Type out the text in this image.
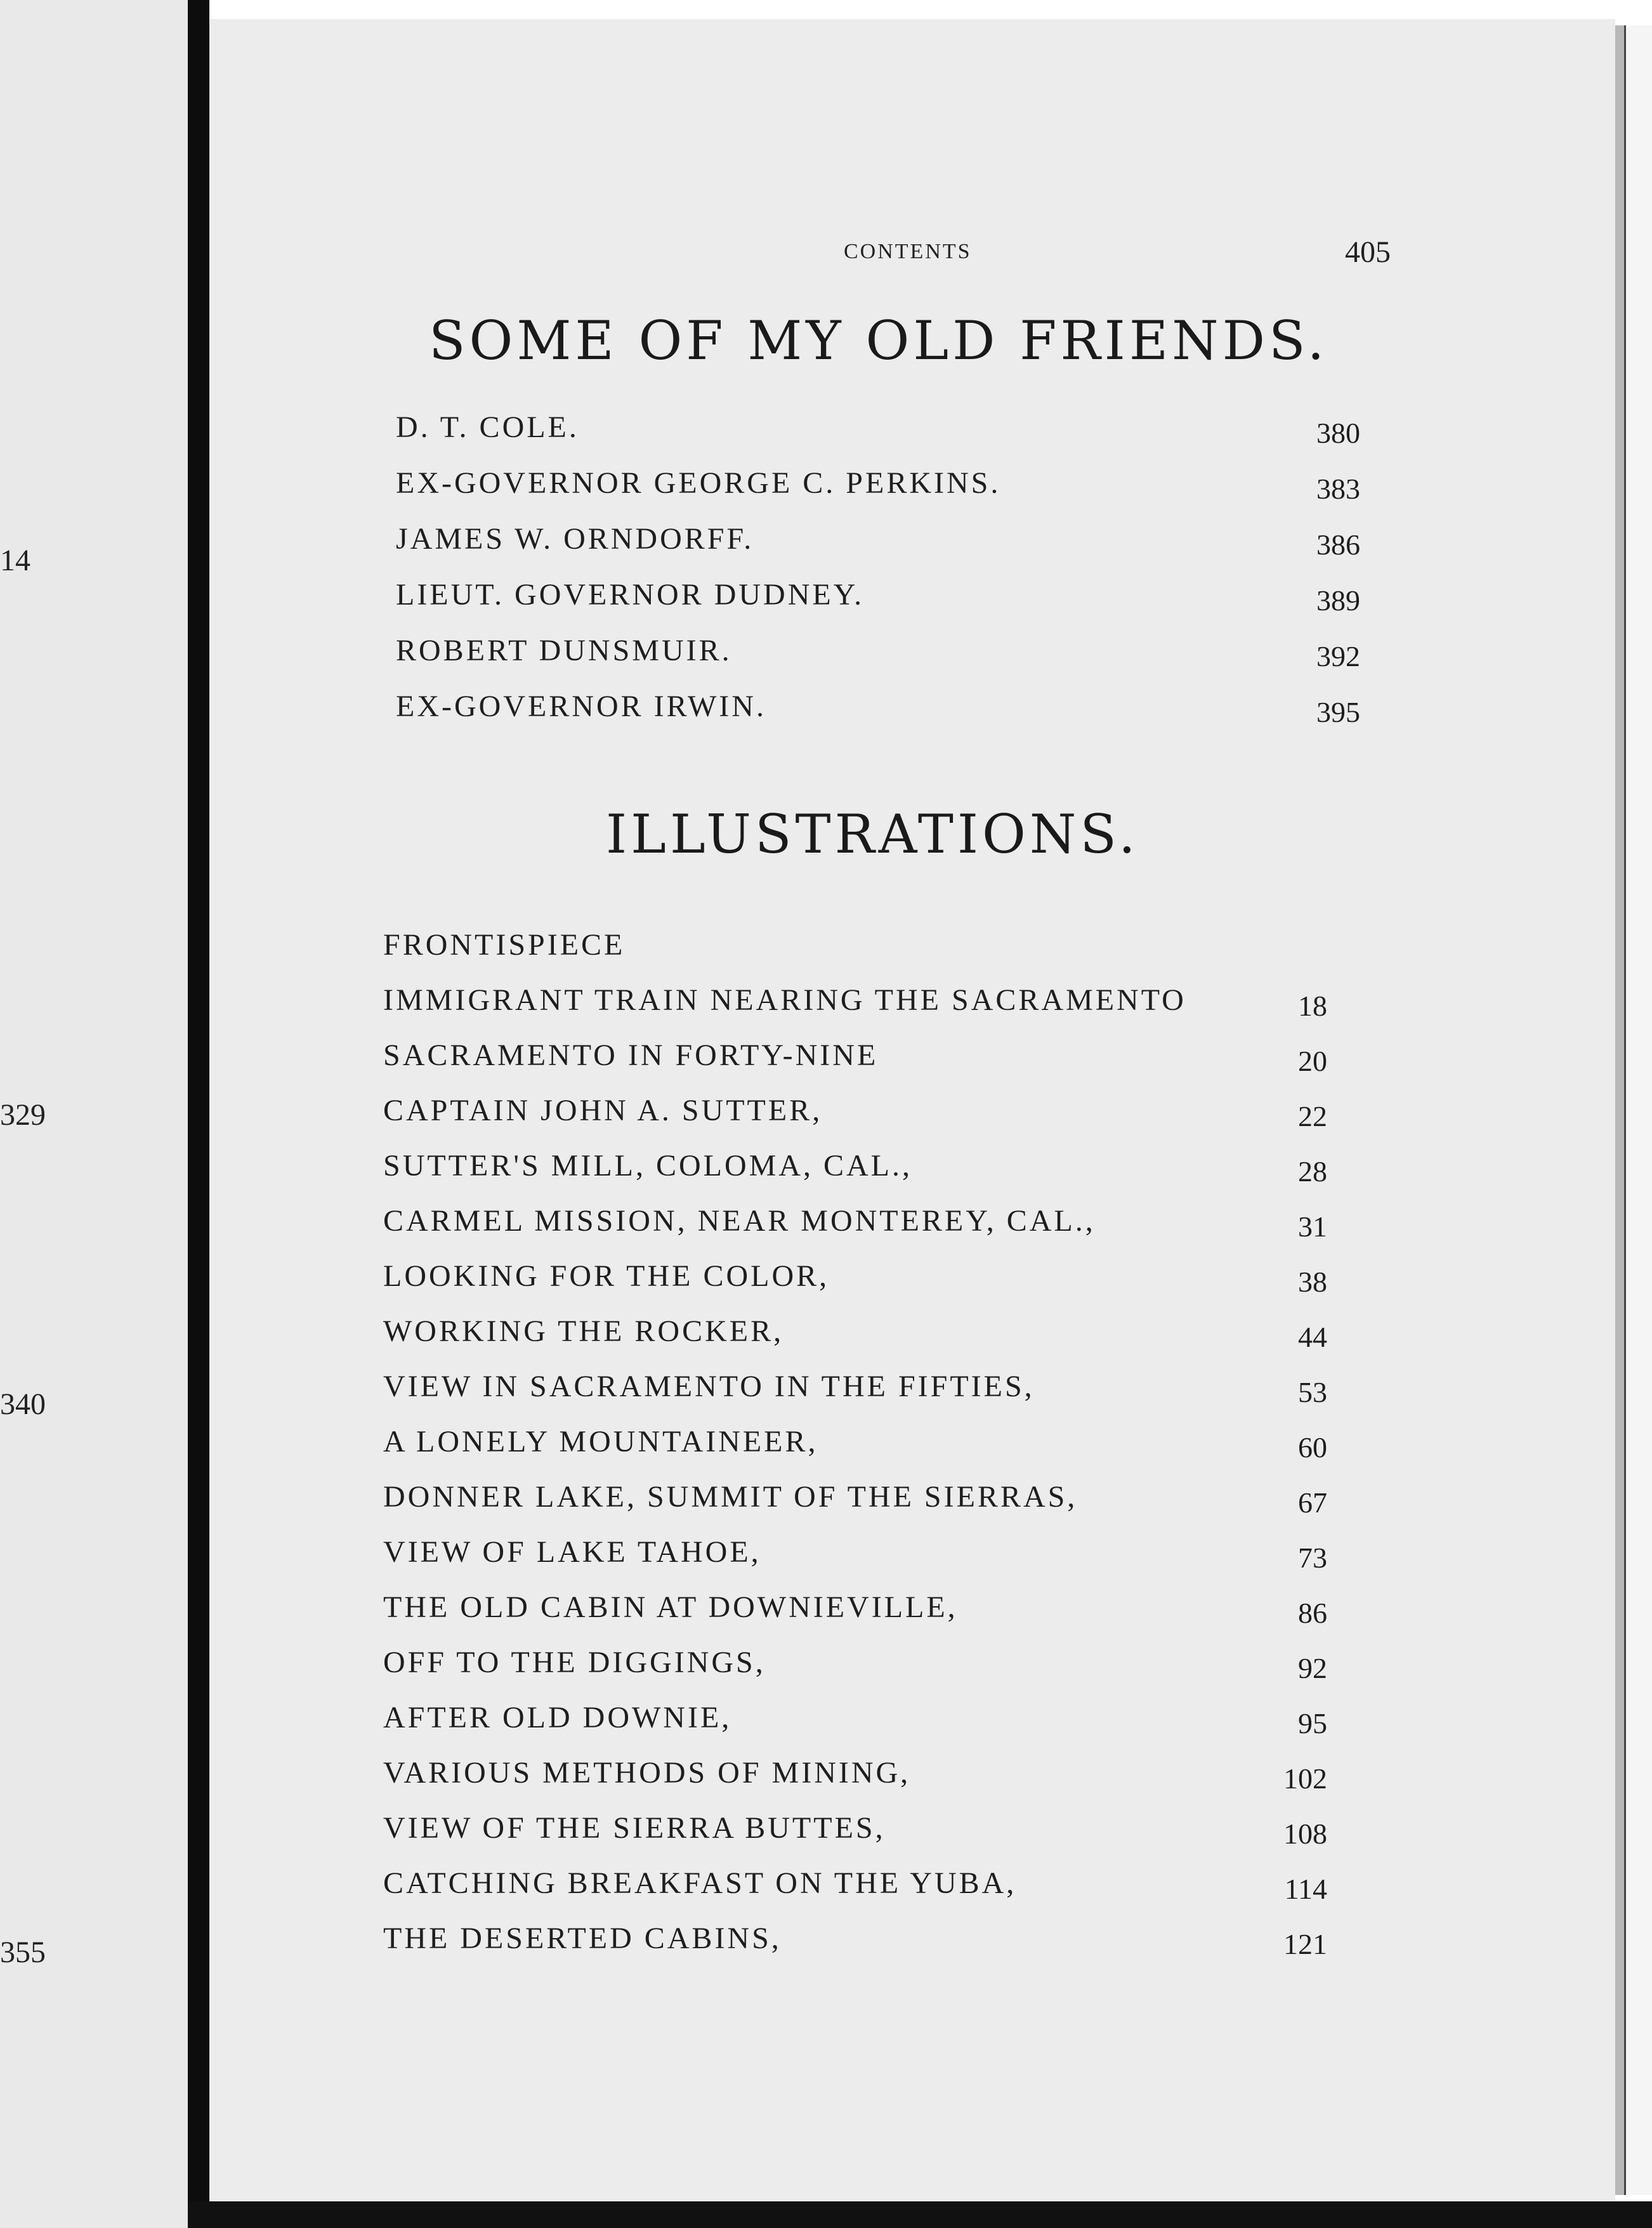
14
329
340
355
CONTENTS	405
SOME OF MY OLD FRIENDS.
D. T. COLE.	380
EX-GOVERNOR GEORGE C. PERKINS.	383
JAMES W. ORNDORFF.	386
LIEUT. GOVERNOR DUDNEY.	389
ROBERT DUNSMUIR.	392
EX-GOVERNOR IRWIN.	395
ILLUSTRATIONS.
FRONTISPIECE
IMMIGRANT TRAIN NEARING THE SACRAMENTO	18
SACRAMENTO IN FORTY-NINE	20
CAPTAIN JOHN A. SUTTER,	22
SUTTER'S MILL, COLOMA, CAL.,	28
CARMEL MISSION, NEAR MONTEREY, CAL.,	31
LOOKING FOR THE COLOR,	38
WORKING THE ROCKER,	44
VIEW IN SACRAMENTO IN THE FIFTIES,	53
A LONELY MOUNTAINEER,	60
DONNER LAKE, SUMMIT OF THE SIERRAS,	67
VIEW OF LAKE TAHOE,	73
THE OLD CABIN AT DOWNIEVILLE,	86
OFF TO THE DIGGINGS,	92
AFTER OLD DOWNIE,	95
VARIOUS METHODS OF MINING,	102
VIEW OF THE SIERRA BUTTES,	108
CATCHING BREAKFAST ON THE YUBA,	114
THE DESERTED CABINS,	121
